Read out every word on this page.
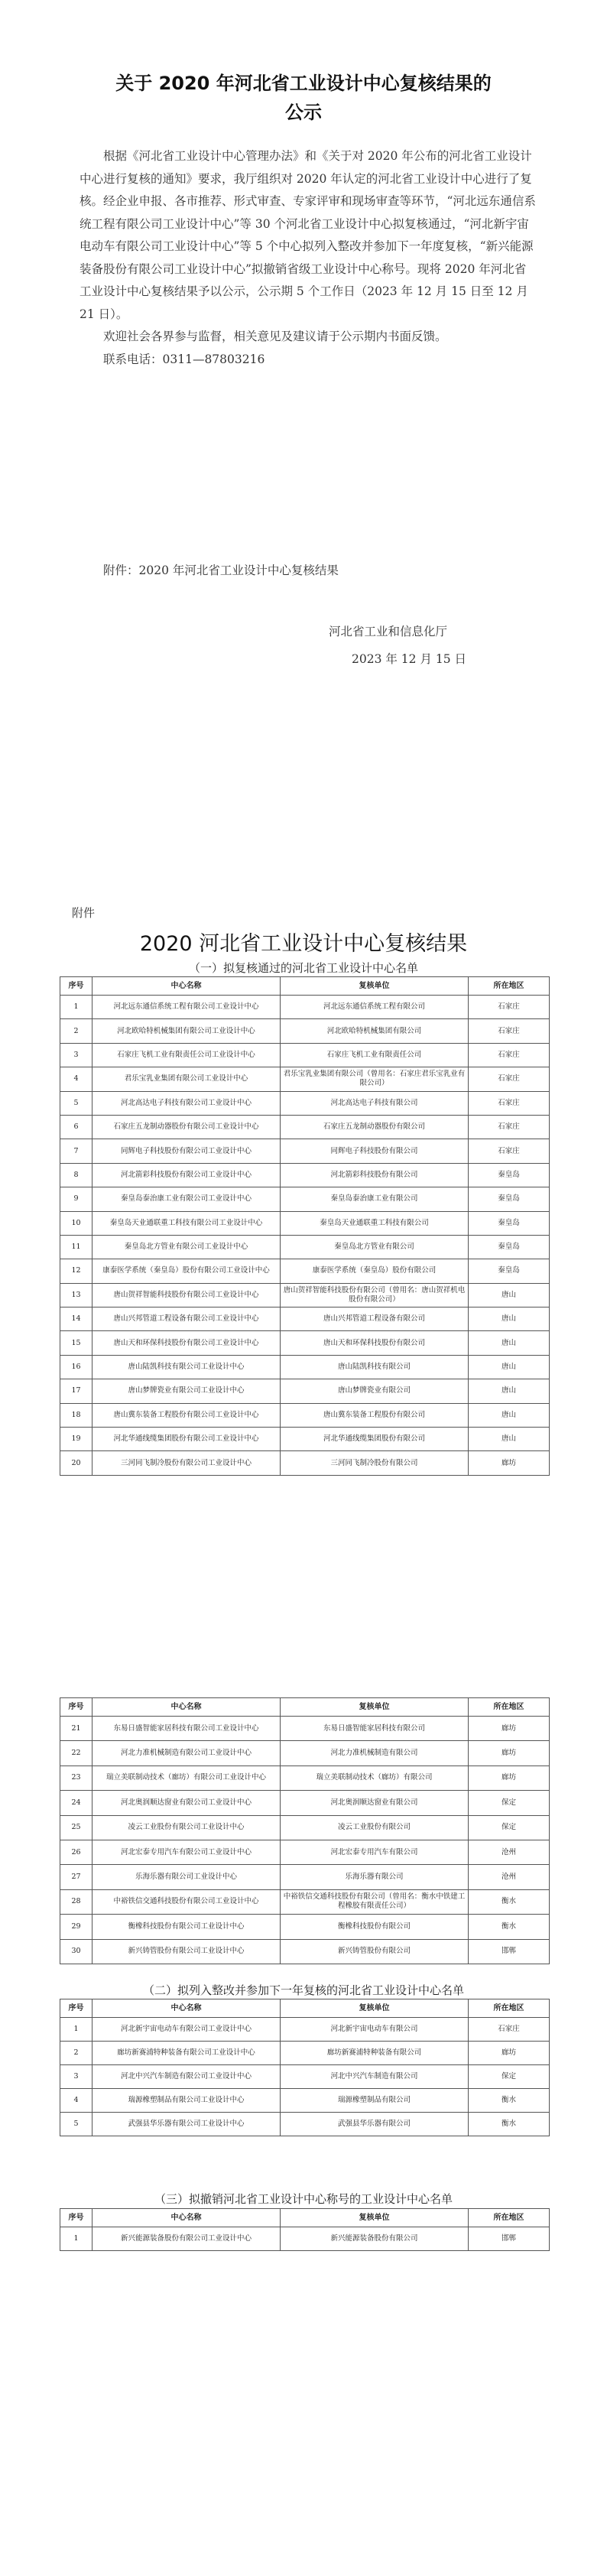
关于 2020 年河北省工业设计中心复核结果的
公示
根据《河北省工业设计中心管理办法》和《关于对 2020 年公布的河北省工业设计中心进行复核的通知》要求，我厅组织对 2020 年认定的河北省工业设计中心进行了复核。经企业申报、各市推荐、形式审查、专家评审和现场审查等环节，“河北远东通信系统工程有限公司工业设计中心”等 30 个河北省工业设计中心拟复核通过，“河北新宇宙电动车有限公司工业设计中心”等 5 个中心拟列入整改并参加下一年度复核，“新兴能源装备股份有限公司工业设计中心”拟撤销省级工业设计中心称号。现将 2020 年河北省工业设计中心复核结果予以公示，公示期 5 个工作日（2023 年 12 月 15 日至 12 月 21 日）。
欢迎社会各界参与监督，相关意见及建议请于公示期内书面反馈。
联系电话：0311—87803216
附件：2020 年河北省工业设计中心复核结果
河北省工业和信息化厅
2023 年 12 月 15 日
附件
2020 河北省工业设计中心复核结果
（一）拟复核通过的河北省工业设计中心名单
序号	中心名称	复核单位	所在地区
1	河北远东通信系统工程有限公司工业设计中心	河北远东通信系统工程有限公司	石家庄
2	河北欧哈特机械集团有限公司工业设计中心	河北欧哈特机械集团有限公司	石家庄
3	石家庄飞机工业有限责任公司工业设计中心	石家庄飞机工业有限责任公司	石家庄
4	君乐宝乳业集团有限公司工业设计中心	君乐宝乳业集团有限公司（曾用名：石家庄君乐宝乳业有限公司）	石家庄
5	河北高达电子科技有限公司工业设计中心	河北高达电子科技有限公司	石家庄
6	石家庄五龙制动器股份有限公司工业设计中心	石家庄五龙制动器股份有限公司	石家庄
7	同辉电子科技股份有限公司工业设计中心	同辉电子科技股份有限公司	石家庄
8	河北箭彩科技股份有限公司工业设计中心	河北箭彩科技股份有限公司	秦皇岛
9	秦皇岛泰治康工业有限公司工业设计中心	秦皇岛泰治康工业有限公司	秦皇岛
10	秦皇岛天业通联重工科技有限公司工业设计中心	秦皇岛天业通联重工科技有限公司	秦皇岛
11	秦皇岛北方管业有限公司工业设计中心	秦皇岛北方管业有限公司	秦皇岛
12	康泰医学系统（秦皇岛）股份有限公司工业设计中心	康泰医学系统（秦皇岛）股份有限公司	秦皇岛
13	唐山贺祥智能科技股份有限公司工业设计中心	唐山贺祥智能科技股份有限公司（曾用名：唐山贺祥机电股份有限公司）	唐山
14	唐山兴邦管道工程设备有限公司工业设计中心	唐山兴邦管道工程设备有限公司	唐山
15	唐山天和环保科技股份有限公司工业设计中心	唐山天和环保科技股份有限公司	唐山
16	唐山陆凯科技有限公司工业设计中心	唐山陆凯科技有限公司	唐山
17	唐山梦牌瓷业有限公司工业设计中心	唐山梦牌瓷业有限公司	唐山
18	唐山冀东装备工程股份有限公司工业设计中心	唐山冀东装备工程股份有限公司	唐山
19	河北华通线缆集团股份有限公司工业设计中心	河北华通线缆集团股份有限公司	唐山
20	三河同飞制冷股份有限公司工业设计中心	三河同飞制冷股份有限公司	廊坊
序号	中心名称	复核单位	所在地区
21	东易日盛智能家居科技有限公司工业设计中心	东易日盛智能家居科技有限公司	廊坊
22	河北力准机械制造有限公司工业设计中心	河北力准机械制造有限公司	廊坊
23	瑞立美联制动技术（廊坊）有限公司工业设计中心	瑞立美联制动技术（廊坊）有限公司	廊坊
24	河北奥润顺达窗业有限公司工业设计中心	河北奥润顺达窗业有限公司	保定
25	凌云工业股份有限公司工业设计中心	凌云工业股份有限公司	保定
26	河北宏泰专用汽车有限公司工业设计中心	河北宏泰专用汽车有限公司	沧州
27	乐海乐器有限公司工业设计中心	乐海乐器有限公司	沧州
28	中裕铁信交通科技股份有限公司工业设计中心	中裕铁信交通科技股份有限公司（曾用名：衡水中铁建工程橡胶有限责任公司）	衡水
29	衡橡科技股份有限公司工业设计中心	衡橡科技股份有限公司	衡水
30	新兴铸管股份有限公司工业设计中心	新兴铸管股份有限公司	邯郸
（二）拟列入整改并参加下一年复核的河北省工业设计中心名单
序号	中心名称	复核单位	所在地区
1	河北新宇宙电动车有限公司工业设计中心	河北新宇宙电动车有限公司	石家庄
2	廊坊新赛浦特种装备有限公司工业设计中心	廊坊新赛浦特种装备有限公司	廊坊
3	河北中兴汽车制造有限公司工业设计中心	河北中兴汽车制造有限公司	保定
4	瑞源橡塑制品有限公司工业设计中心	瑞源橡塑制品有限公司	衡水
5	武强县华乐器有限公司工业设计中心	武强县华乐器有限公司	衡水
（三）拟撤销河北省工业设计中心称号的工业设计中心名单
序号	中心名称	复核单位	所在地区
1	新兴能源装备股份有限公司工业设计中心	新兴能源装备股份有限公司	邯郸
